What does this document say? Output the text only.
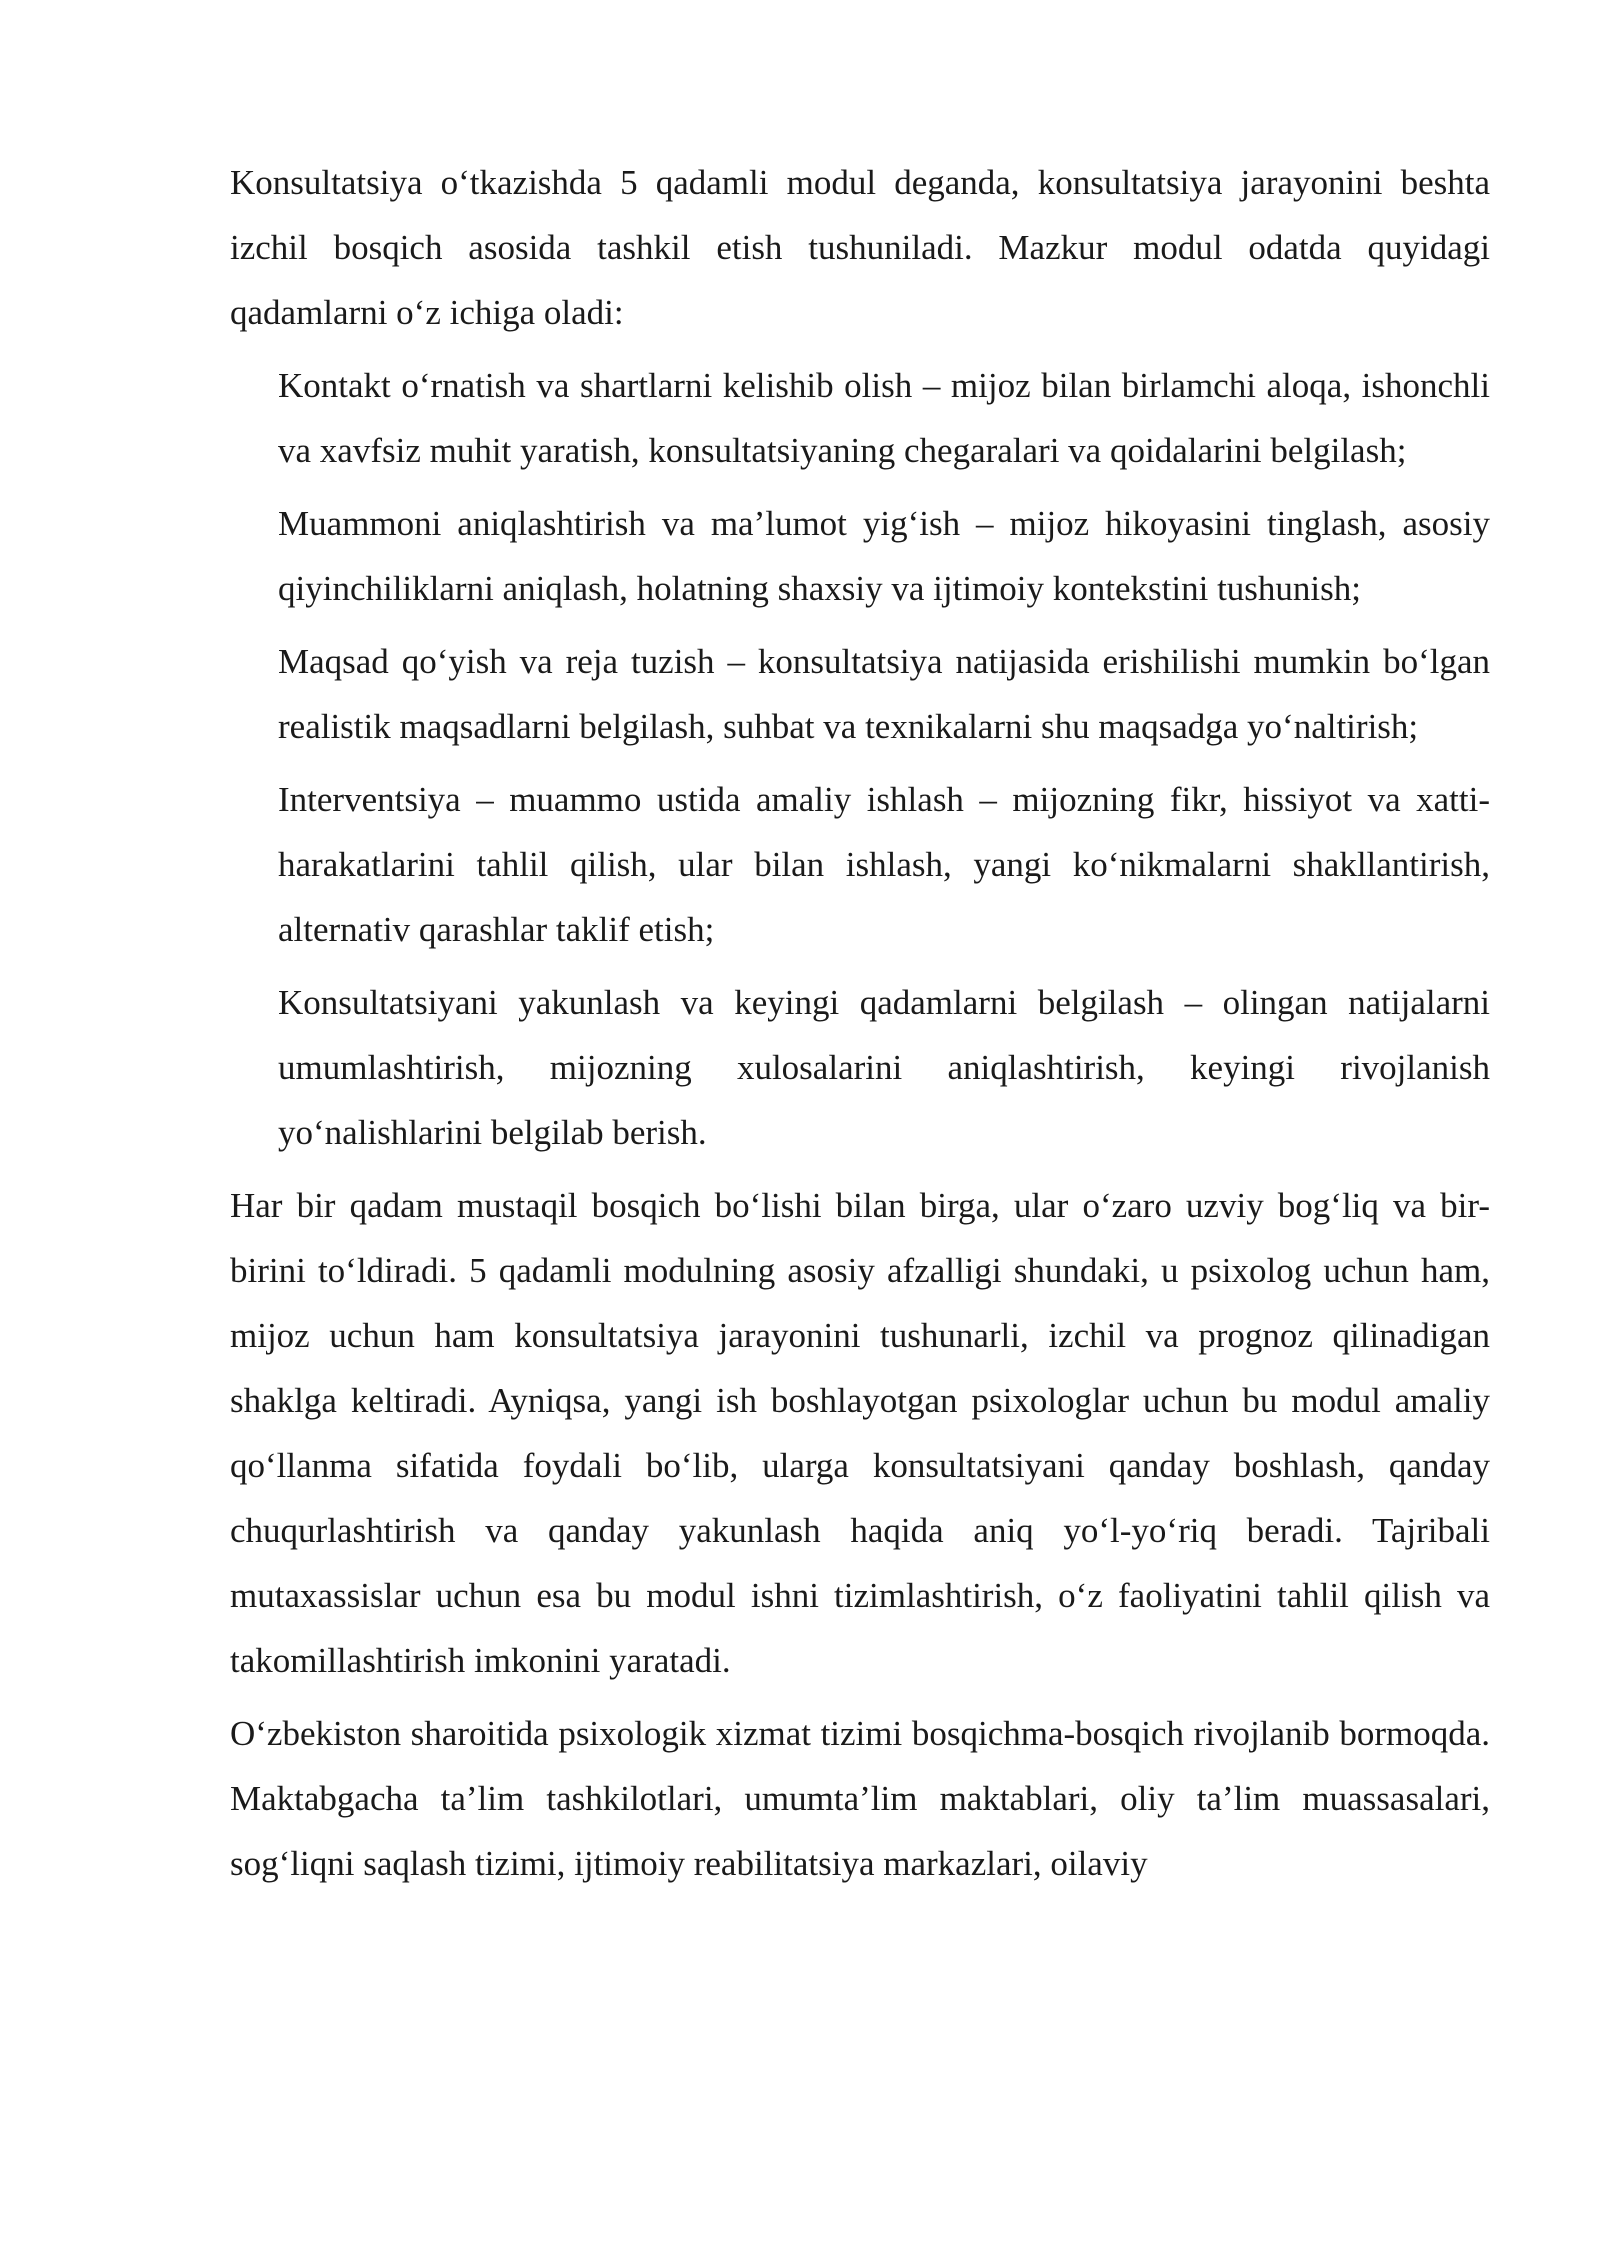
Konsultatsiya o‘tkazishda 5 qadamli modul deganda, konsultatsiya jarayonini beshta izchil bosqich asosida tashkil etish tushuniladi. Mazkur modul odatda quyidagi qadamlarni o‘z ichiga oladi:

Kontakt o‘rnatish va shartlarni kelishib olish – mijoz bilan birlamchi aloqa, ishonchli va xavfsiz muhit yaratish, konsultatsiyaning chegaralari va qoidalarini belgilash;
Muammoni aniqlashtirish va ma’lumot yig‘ish – mijoz hikoyasini tinglash, asosiy qiyinchiliklarni aniqlash, holatning shaxsiy va ijtimoiy kontekstini tushunish;
Maqsad qo‘yish va reja tuzish – konsultatsiya natijasida erishilishi mumkin bo‘lgan realistik maqsadlarni belgilash, suhbat va texnikalarni shu maqsadga yo‘naltirish;
Interventsiya – muammo ustida amaliy ishlash – mijozning fikr, hissiyot va xatti-harakatlarini tahlil qilish, ular bilan ishlash, yangi ko‘nikmalarni shakllantirish, alternativ qarashlar taklif etish;
Konsultatsiyani yakunlash va keyingi qadamlarni belgilash – olingan natijalarni umumlashtirish, mijozning xulosalarini aniqlashtirish, keyingi rivojlanish yo‘nalishlarini belgilab berish.

Har bir qadam mustaqil bosqich bo‘lishi bilan birga, ular o‘zaro uzviy bog‘liq va bir-birini to‘ldiradi. 5 qadamli modulning asosiy afzalligi shundaki, u psixolog uchun ham, mijoz uchun ham konsultatsiya jarayonini tushunarli, izchil va prognoz qilinadigan shaklga keltiradi. Ayniqsa, yangi ish boshlayotgan psixologlar uchun bu modul amaliy qo‘llanma sifatida foydali bo‘lib, ularga konsultatsiyani qanday boshlash, qanday chuqurlashtirish va qanday yakunlash haqida aniq yo‘l-yo‘riq beradi. Tajribali mutaxassislar uchun esa bu modul ishni tizimlashtirish, o‘z faoliyatini tahlil qilish va takomillashtirish imkonini yaratadi.

O‘zbekiston sharoitida psixologik xizmat tizimi bosqichma-bosqich rivojlanib bormoqda. Maktabgacha ta’lim tashkilotlari, umumta’lim maktablari, oliy ta’lim muassasalari, sog‘liqni saqlash tizimi, ijtimoiy reabilitatsiya markazlari, oilaviy
